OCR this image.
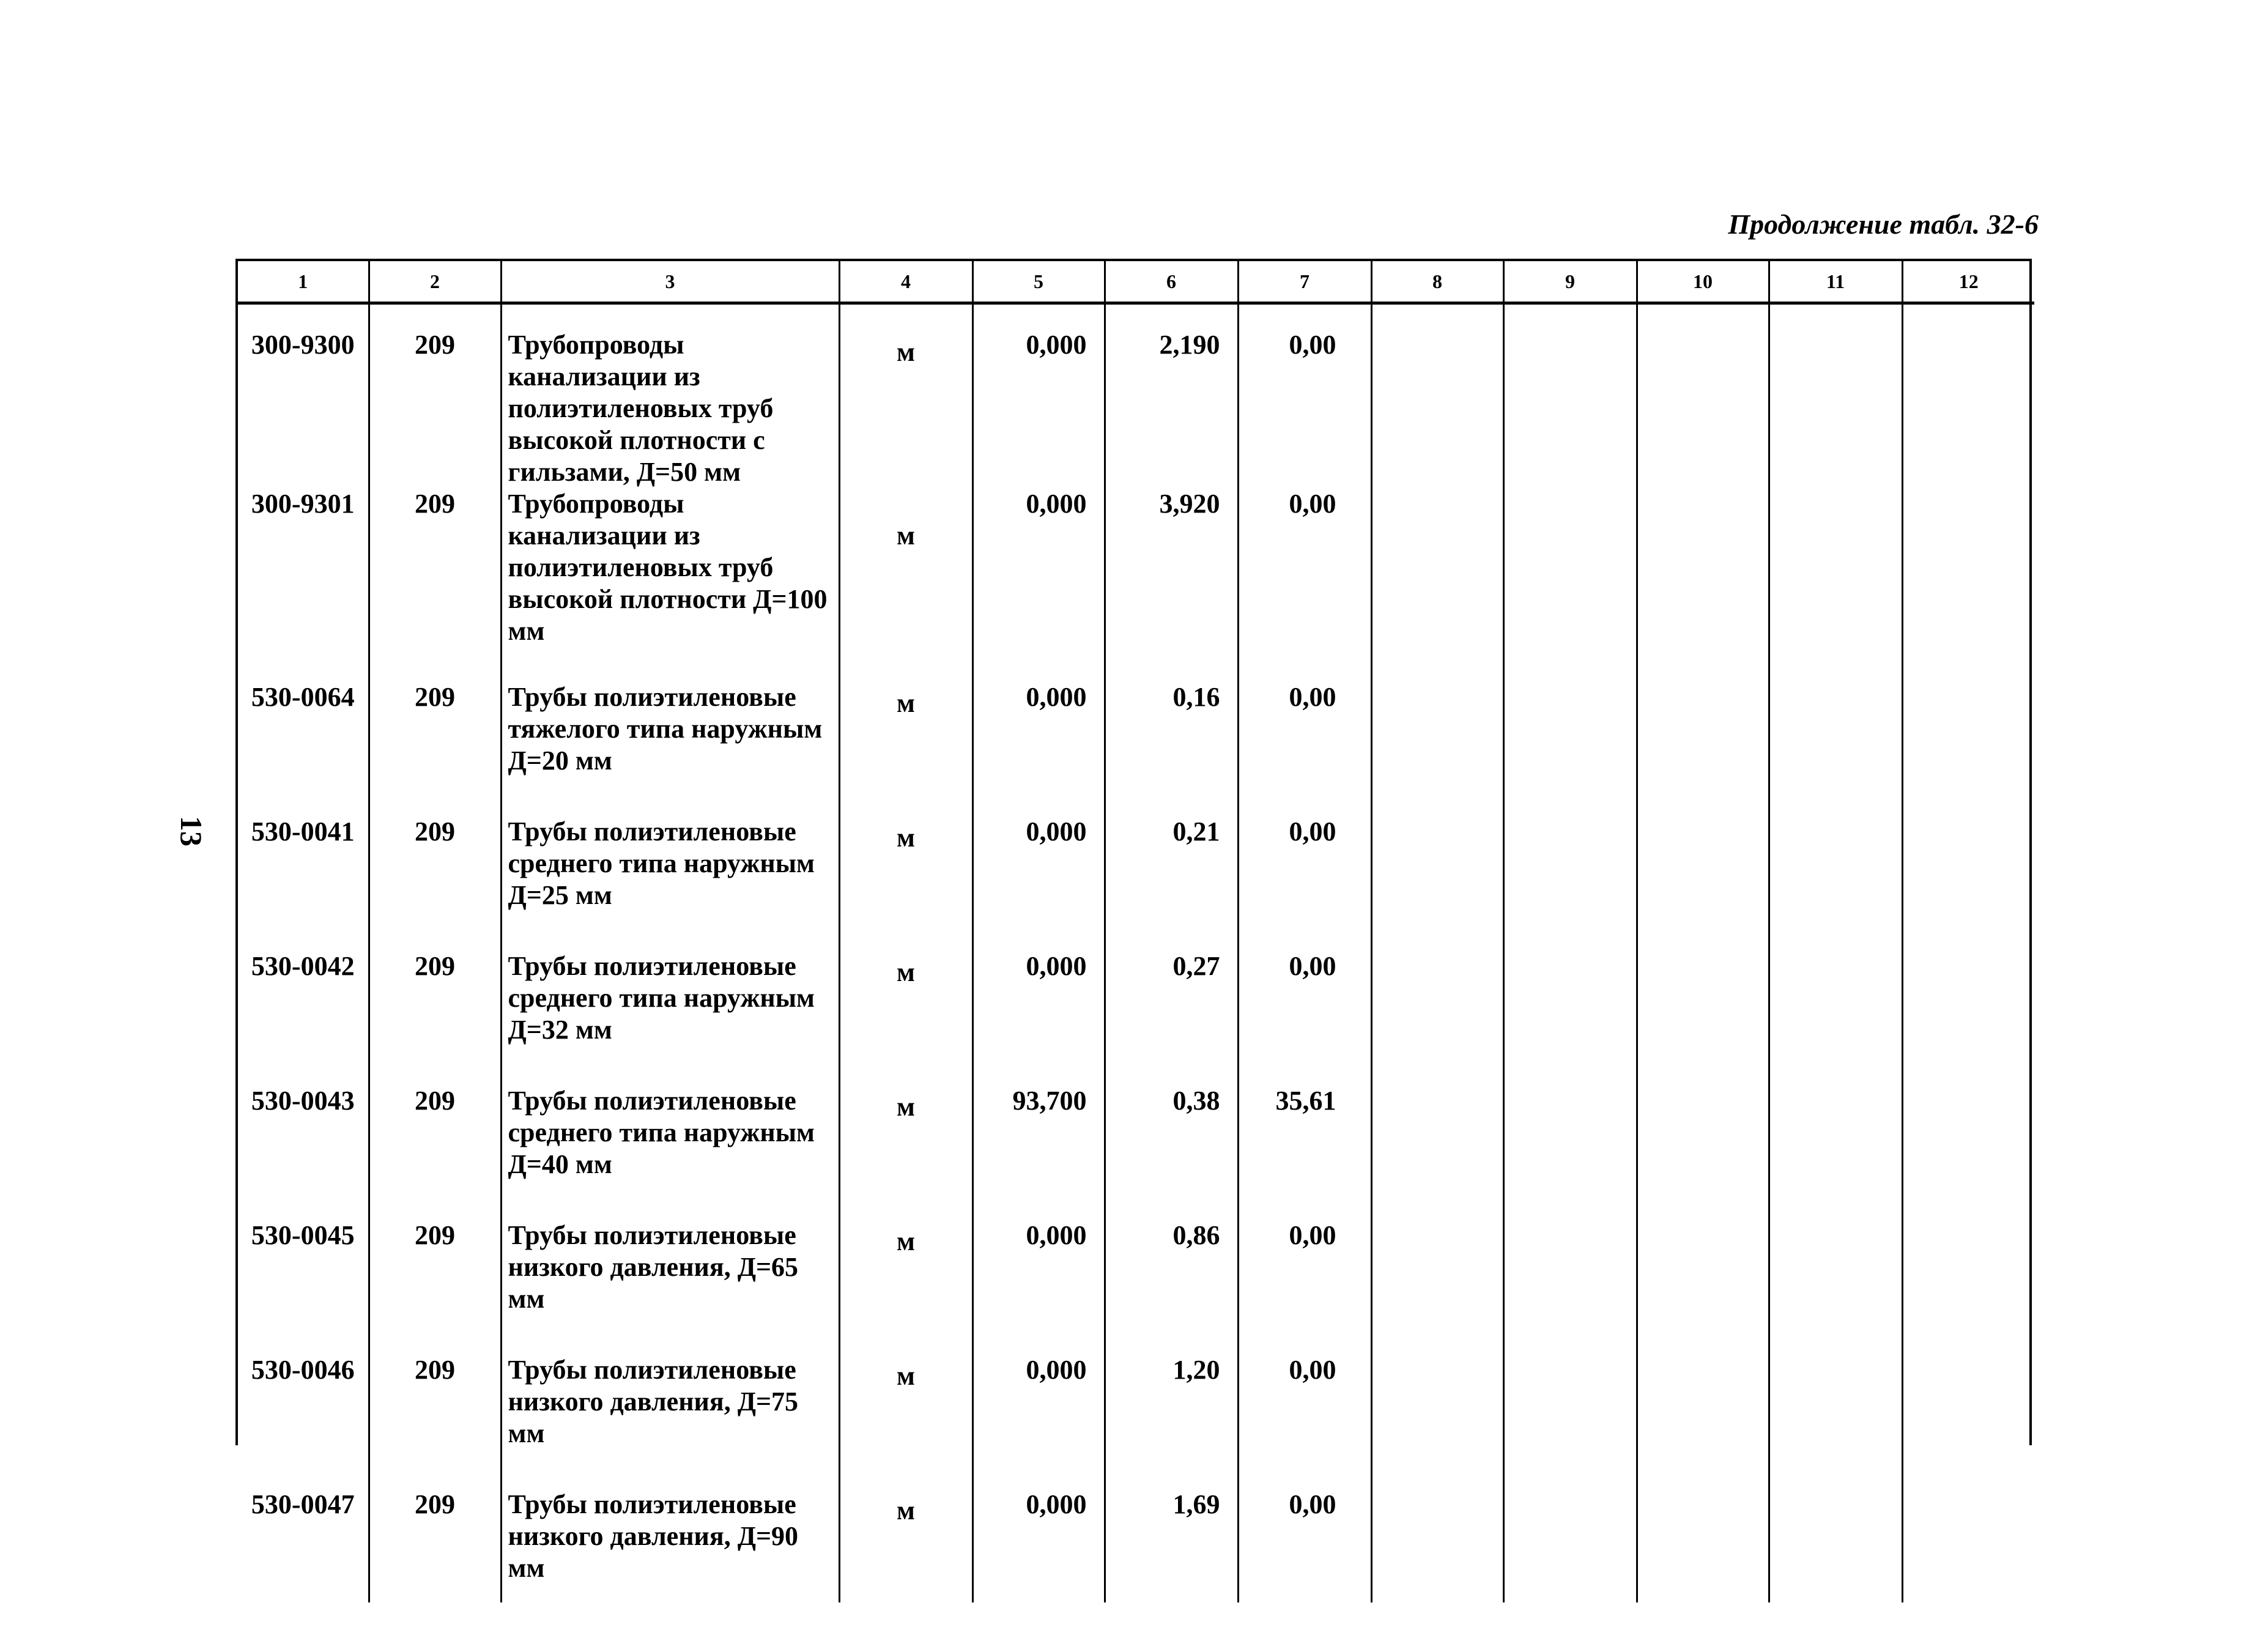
Продолжение табл. 32-6
13
1	2	3	4	5	6	7	8	9	10	11	12
300-9300	209	Трубопроводы канализации из полиэтиленовых труб высокой плотности с гильзами, Д=50 мм	м	0,000	2,190	0,00					
300-9301	209	Трубопроводы канализации из полиэтиленовых труб высокой плотности Д=100 мм	м	0,000	3,920	0,00					
530-0064	209	Трубы полиэтиленовые тяжелого типа наружным Д=20 мм	м	0,000	0,16	0,00					
530-0041	209	Трубы полиэтиленовые среднего типа наружным Д=25 мм	м	0,000	0,21	0,00					
530-0042	209	Трубы полиэтиленовые среднего типа наружным Д=32 мм	м	0,000	0,27	0,00					
530-0043	209	Трубы полиэтиленовые среднего типа наружным Д=40 мм	м	93,700	0,38	35,61					
530-0045	209	Трубы полиэтиленовые низкого давления, Д=65 мм	м	0,000	0,86	0,00					
530-0046	209	Трубы полиэтиленовые низкого давления, Д=75 мм	м	0,000	1,20	0,00					
530-0047	209	Трубы полиэтиленовые низкого давления, Д=90 мм	м	0,000	1,69	0,00					
